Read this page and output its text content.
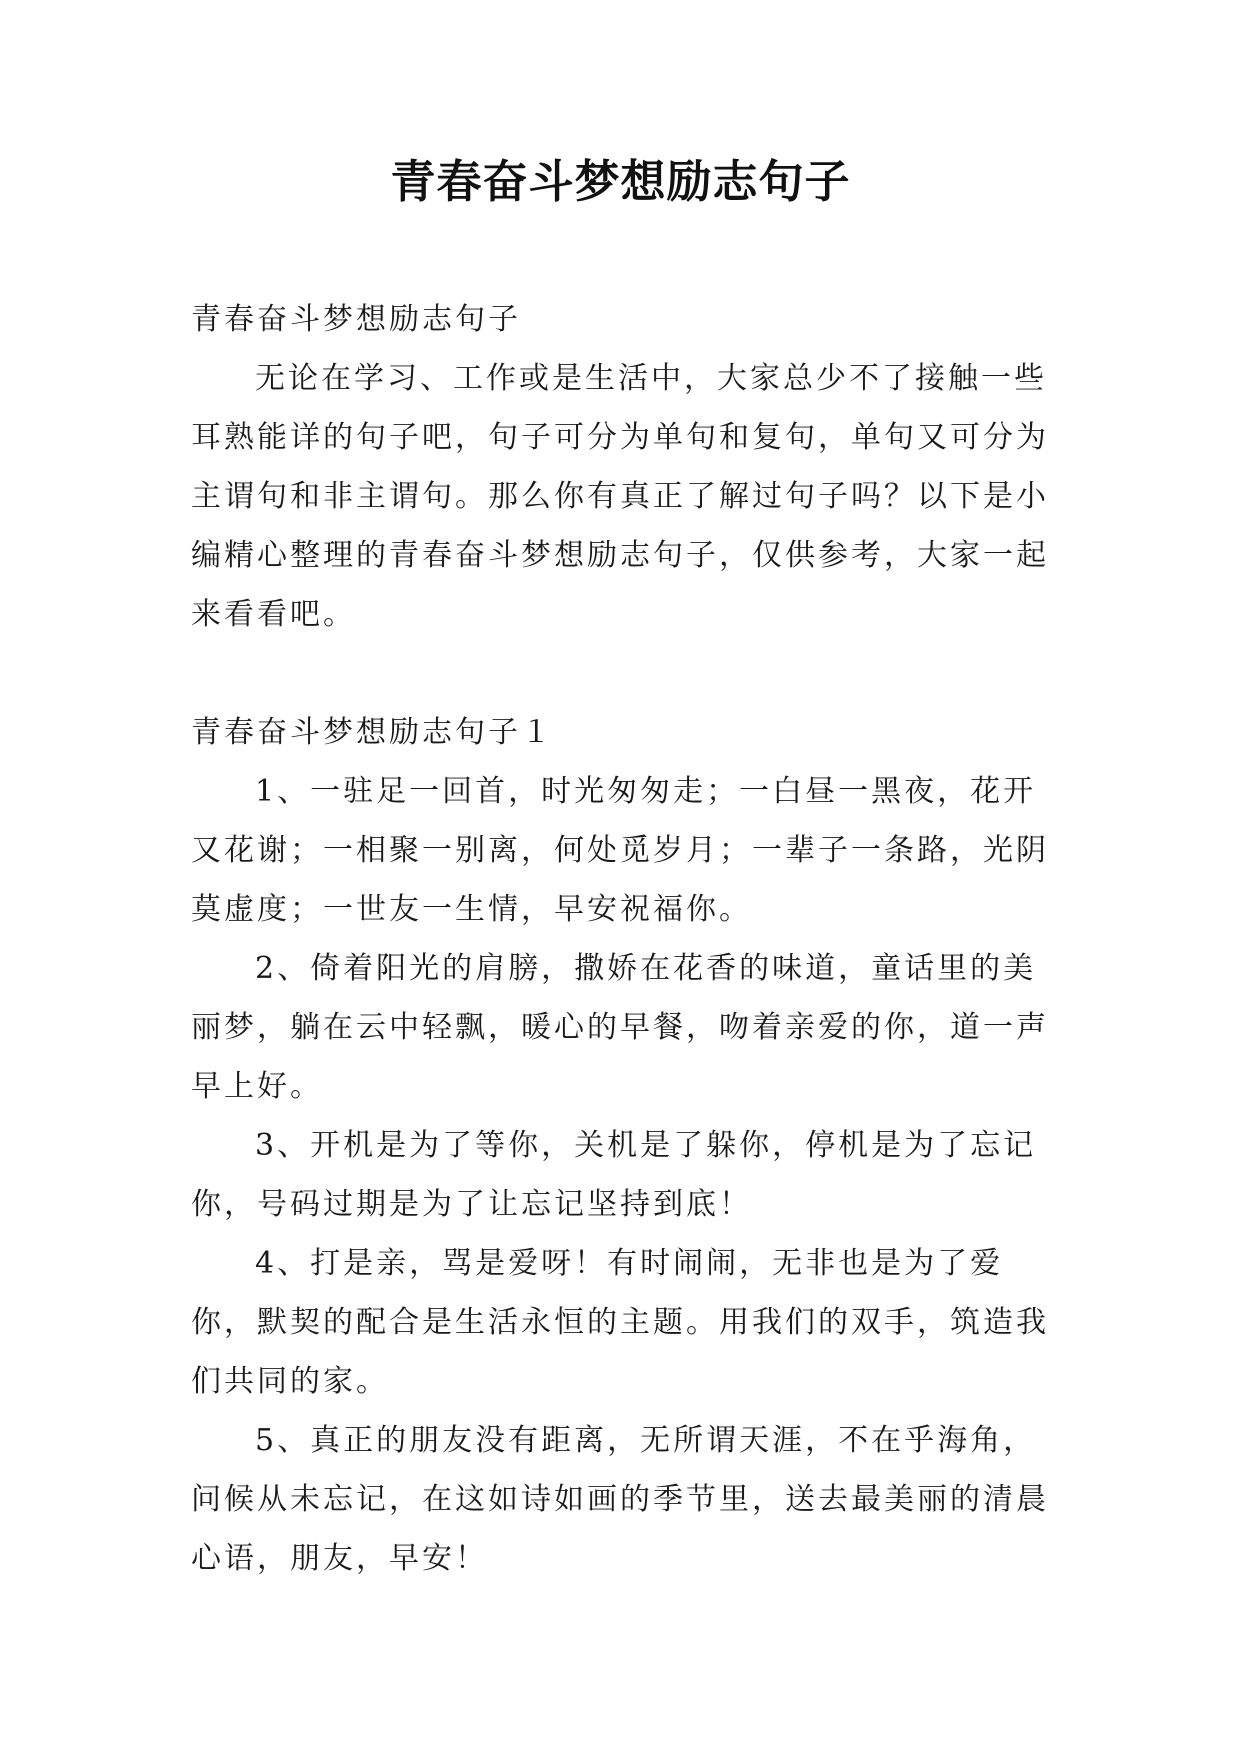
青春奋斗梦想励志句子

青春奋斗梦想励志句子

无论在学习、工作或是生活中，大家总少不了接触一些耳熟能详的句子吧，句子可分为单句和复句，单句又可分为主谓句和非主谓句。那么你有真正了解过句子吗？以下是小编精心整理的青春奋斗梦想励志句子，仅供参考，大家一起来看看吧。

青春奋斗梦想励志句子１

1、一驻足一回首，时光匆匆走；一白昼一黑夜，花开又花谢；一相聚一别离，何处觅岁月；一辈子一条路，光阴莫虚度；一世友一生情，早安祝福你。

2、倚着阳光的肩膀，撒娇在花香的味道，童话里的美丽梦，躺在云中轻飘，暖心的早餐，吻着亲爱的你，道一声早上好。

3、开机是为了等你，关机是了躲你，停机是为了忘记你，号码过期是为了让忘记坚持到底！

4、打是亲，骂是爱呀！有时闹闹，无非也是为了爱你，默契的配合是生活永恒的主题。用我们的双手，筑造我们共同的家。

5、真正的朋友没有距离，无所谓天涯，不在乎海角，问候从未忘记，在这如诗如画的季节里，送去最美丽的清晨心语，朋友，早安！
